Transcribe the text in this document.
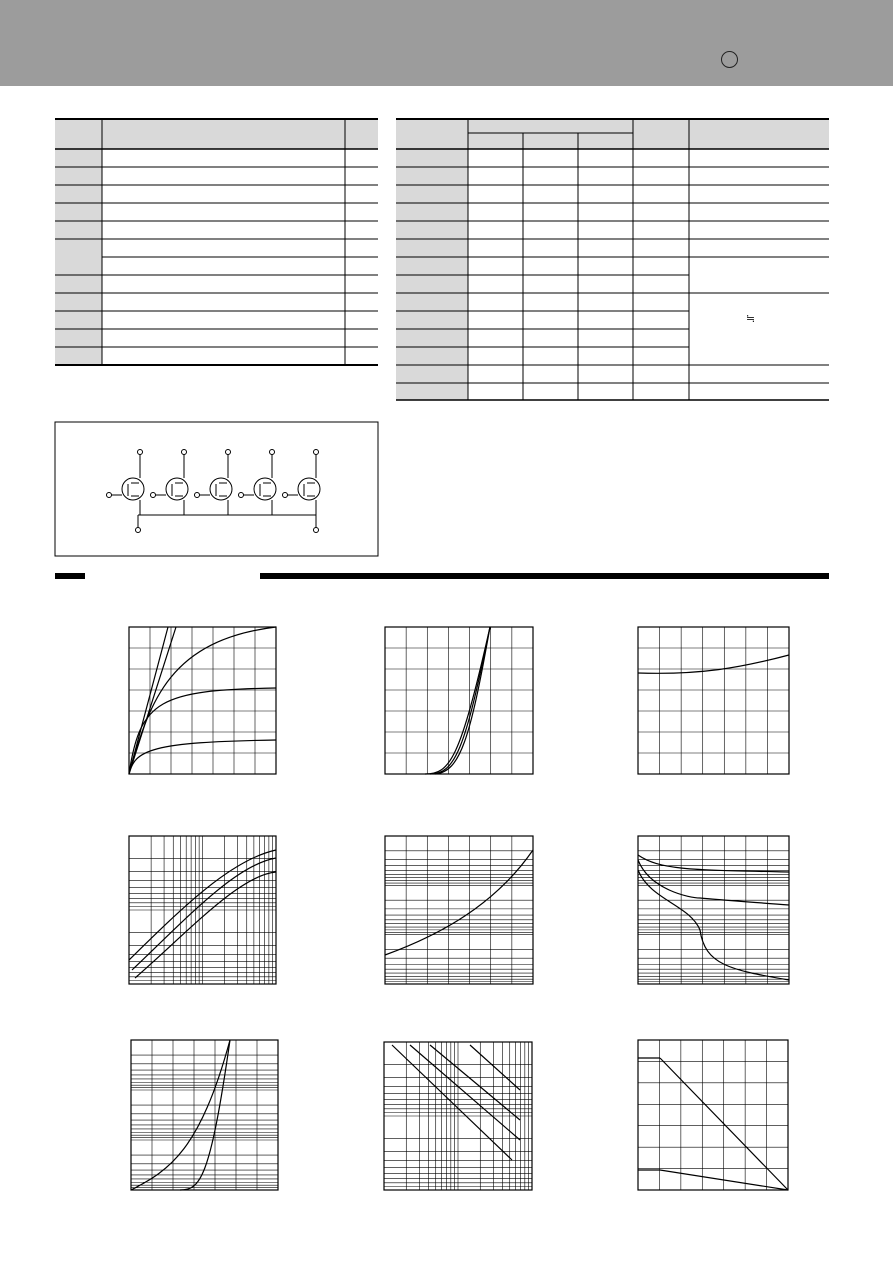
≒
